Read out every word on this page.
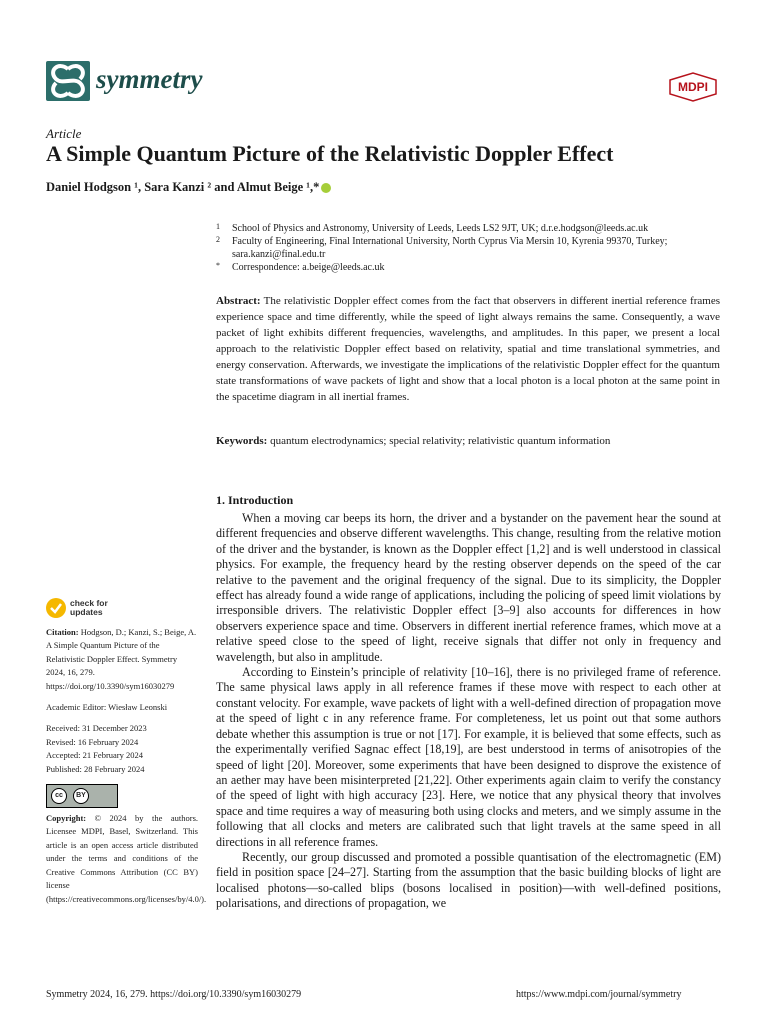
symmetry	MDPI
Article
A Simple Quantum Picture of the Relativistic Doppler Effect
Daniel Hodgson ¹, Sara Kanzi ² and Almut Beige ¹,*
1 School of Physics and Astronomy, University of Leeds, Leeds LS2 9JT, UK; d.r.e.hodgson@leeds.ac.uk
2 Faculty of Engineering, Final International University, North Cyprus Via Mersin 10, Kyrenia 99370, Turkey; sara.kanzi@final.edu.tr
* Correspondence: a.beige@leeds.ac.uk
Abstract: The relativistic Doppler effect comes from the fact that observers in different inertial reference frames experience space and time differently, while the speed of light always remains the same. Consequently, a wave packet of light exhibits different frequencies, wavelengths, and amplitudes. In this paper, we present a local approach to the relativistic Doppler effect based on relativity, spatial and time translational symmetries, and energy conservation. Afterwards, we investigate the implications of the relativistic Doppler effect for the quantum state transformations of wave packets of light and show that a local photon is a local photon at the same point in the spacetime diagram in all inertial frames.
Keywords: quantum electrodynamics; special relativity; relativistic quantum information
1. Introduction

When a moving car beeps its horn, the driver and a bystander on the pavement hear the sound at different frequencies and observe different wavelengths. This change, resulting from the relative motion of the driver and the bystander, is known as the Doppler effect [1,2] and is well understood in classical physics. For example, the frequency heard by the resting observer depends on the speed of the car relative to the pavement and the original frequency of the signal. Due to its simplicity, the Doppler effect has already found a wide range of applications, including the policing of speed limit violations by irresponsible drivers. The relativistic Doppler effect [3–9] also accounts for differences in how observers experience space and time. Observers in different inertial reference frames, which move at a relative speed close to the speed of light, receive signals that differ not only in frequency and wavelength, but also in amplitude.

According to Einstein’s principle of relativity [10–16], there is no privileged frame of reference. The same physical laws apply in all reference frames if these move with respect to each other at constant velocity. For example, wave packets of light with a well-defined direction of propagation move at the speed of light c in any reference frame. For completeness, let us point out that some authors debate whether this assumption is true or not [17]. For example, it is believed that some effects, such as the experimentally verified Sagnac effect [18,19], are best understood in terms of anisotropies of the speed of light [20]. Moreover, some experiments that have been designed to disprove the existence of an aether may have been misinterpreted [21,22]. Other experiments again claim to verify the constancy of the speed of light with high accuracy [23]. Here, we notice that any physical theory that involves space and time requires a way of measuring both using clocks and meters, and we simply assume in the following that all clocks and meters are calibrated such that light travels at the same speed in all directions in all reference frames.

Recently, our group discussed and promoted a possible quantisation of the electromagnetic (EM) field in position space [24–27]. Starting from the assumption that the basic building blocks of light are localised photons—so-called blips (bosons localised in position)—with well-defined positions, polarisations, and directions of propagation, we

check for
updates
Citation: Hodgson, D.; Kanzi, S.; Beige, A. A Simple Quantum Picture of the Relativistic Doppler Effect. Symmetry 2024, 16, 279. https://doi.org/10.3390/sym16030279
Academic Editor: Wiesław Leonski

Received: 31 December 2023

Revised: 16 February 2024

Accepted: 21 February 2024

Published: 28 February 2024

cc	BY
Copyright: © 2024 by the authors. Licensee MDPI, Basel, Switzerland. This article is an open access article distributed under the terms and conditions of the Creative Commons Attribution (CC BY) license (https://creativecommons.org/licenses/by/4.0/).
Symmetry 2024, 16, 279. https://doi.org/10.3390/sym16030279	https://www.mdpi.com/journal/symmetry
